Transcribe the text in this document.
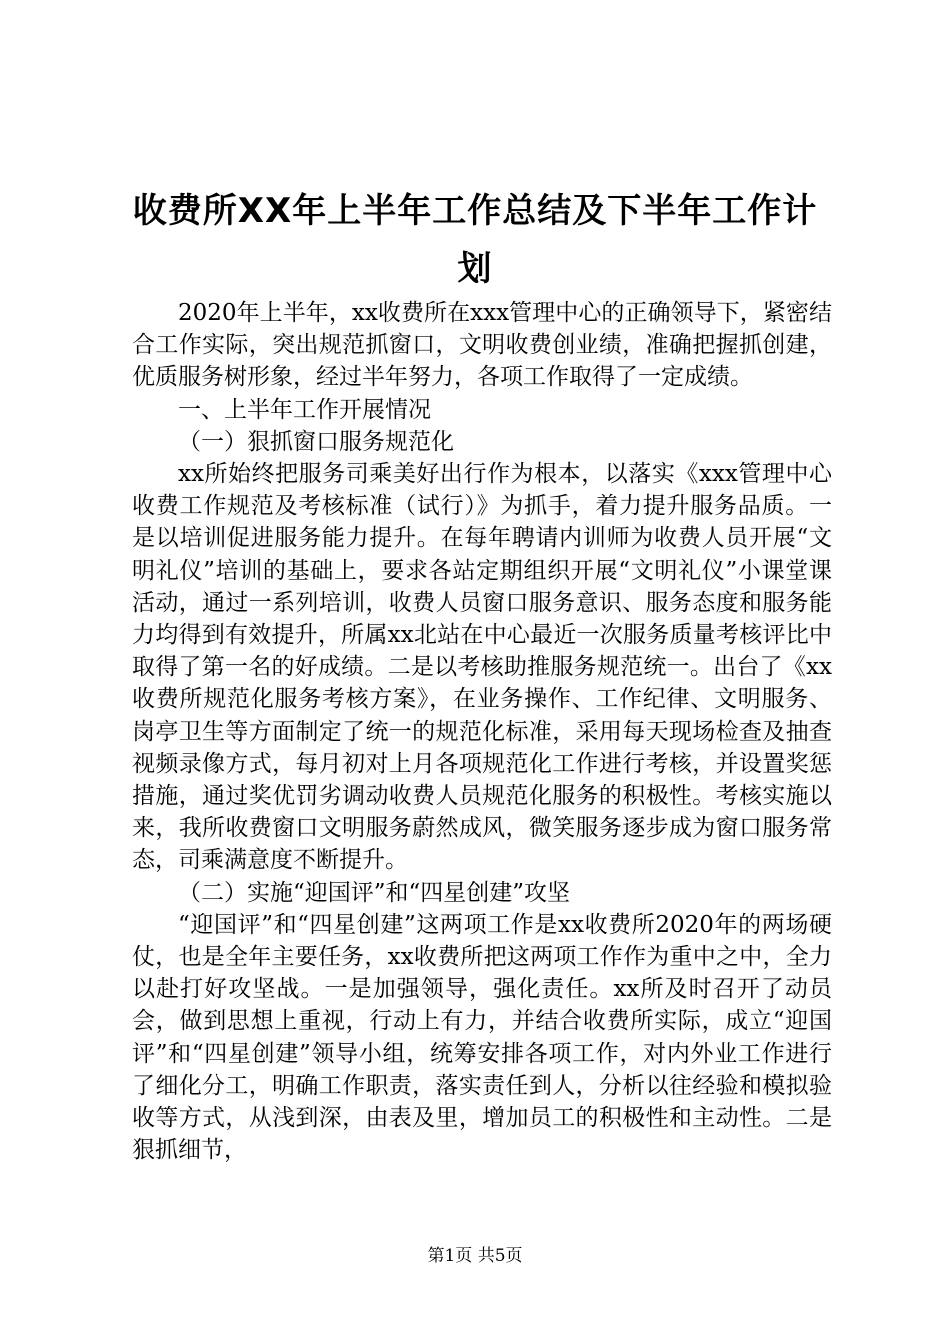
收费所XX年上半年工作总结及下半年工作计划

2020年上半年，xx收费所在xxx管理中心的正确领导下，紧密结合工作实际，突出规范抓窗口，文明收费创业绩，准确把握抓创建，优质服务树形象，经过半年努力，各项工作取得了一定成绩。

一、上半年工作开展情况

（一）狠抓窗口服务规范化

xx所始终把服务司乘美好出行作为根本，以落实《xxx管理中心收费工作规范及考核标准（试行）》为抓手，着力提升服务品质。一是以培训促进服务能力提升。在每年聘请内训师为收费人员开展“文明礼仪”培训的基础上，要求各站定期组织开展“文明礼仪”小课堂课活动，通过一系列培训，收费人员窗口服务意识、服务态度和服务能力均得到有效提升，所属xx北站在中心最近一次服务质量考核评比中取得了第一名的好成绩。二是以考核助推服务规范统一。出台了《xx收费所规范化服务考核方案》，在业务操作、工作纪律、文明服务、岗亭卫生等方面制定了统一的规范化标准，采用每天现场检查及抽查视频录像方式，每月初对上月各项规范化工作进行考核，并设置奖惩措施，通过奖优罚劣调动收费人员规范化服务的积极性。考核实施以来，我所收费窗口文明服务蔚然成风，微笑服务逐步成为窗口服务常态，司乘满意度不断提升。

（二）实施“迎国评”和“四星创建”攻坚

“迎国评”和“四星创建”这两项工作是xx收费所2020年的两场硬仗，也是全年主要任务，xx收费所把这两项工作作为重中之中，全力以赴打好攻坚战。一是加强领导，强化责任。xx所及时召开了动员会，做到思想上重视，行动上有力，并结合收费所实际，成立“迎国评”和“四星创建”领导小组，统筹安排各项工作，对内外业工作进行了细化分工，明确工作职责，落实责任到人，分析以往经验和模拟验收等方式，从浅到深，由表及里，增加员工的积极性和主动性。二是狠抓细节，

第1页 共5页
